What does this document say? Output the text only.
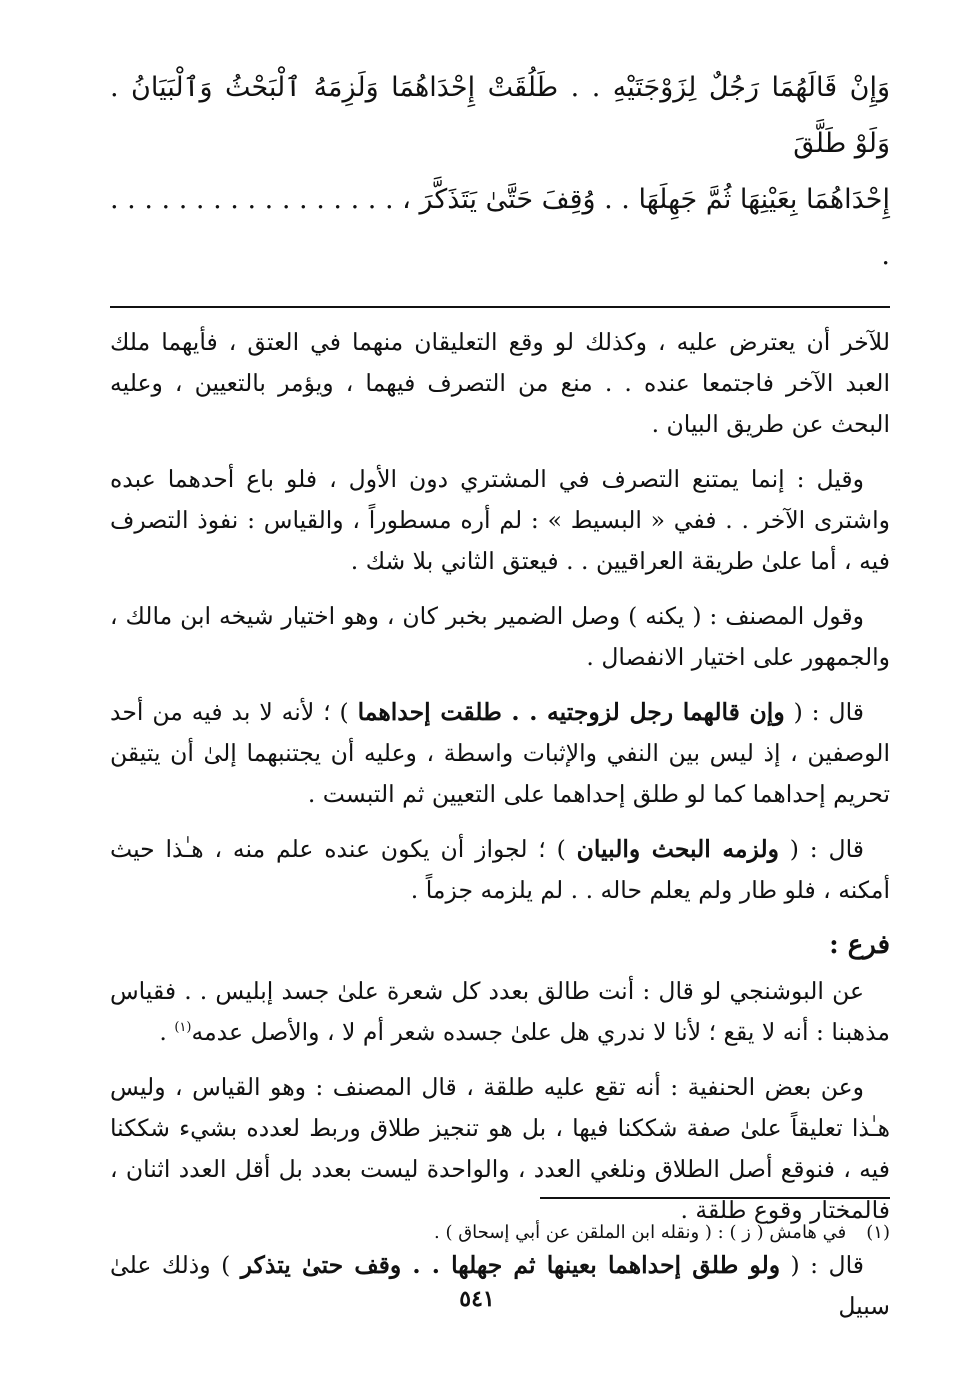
وَإِنْ قَالَهُمَا رَجُلٌ لِزَوْجَتَيْهِ . . طَلُقَتْ إِحْدَاهُمَا وَلَزِمَهُ ٱلْبَحْثُ وَٱلْبَيَانُ . وَلَوْ طَلَّقَ
إِحْدَاهُمَا بِعَيْنِهَا ثُمَّ جَهِلَهَا . . وُقِفَ حَتَّىٰ يَتَذَكَّرَ ، . . . . . . . . . . . . . . . . . .

للآخر أن يعترض عليه ، وكذلك لو وقع التعليقان منهما في العتق ، فأيهما ملك العبد الآخر فاجتمعا عنده . . منع من التصرف فيهما ، ويؤمر بالتعيين ، وعليه البحث عن طريق البيان .

وقيل : إنما يمتنع التصرف في المشتري دون الأول ، فلو باع أحدهما عبده واشترى الآخر . . ففي « البسيط » : لم أره مسطوراً ، والقياس : نفوذ التصرف فيه ، أما علىٰ طريقة العراقيين . . فيعتق الثاني بلا شك .

وقول المصنف : ( يكنه ) وصل الضمير بخبر كان ، وهو اختيار شيخه ابن مالك ، والجمهور على اختيار الانفصال .

قال : ( وإن قالهما رجل لزوجتيه . . طلقت إحداهما ) ؛ لأنه لا بد فيه من أحد الوصفين ، إذ ليس بين النفي والإثبات واسطة ، وعليه أن يجتنبهما إلىٰ أن يتيقن تحريم إحداهما كما لو طلق إحداهما على التعيين ثم التبست .

قال : ( ولزمه البحث والبيان ) ؛ لجواز أن يكون عنده علم منه ، هـٰذا حيث أمكنه ، فلو طار ولم يعلم حاله . . لم يلزمه جزماً .

فرع :

عن البوشنجي لو قال : أنت طالق بعدد كل شعرة علىٰ جسد إبليس . . فقياس مذهبنا : أنه لا يقع ؛ لأنا لا ندري هل علىٰ جسده شعر أم لا ، والأصل عدمه$^{(١)}$ .

وعن بعض الحنفية : أنه تقع عليه طلقة ، قال المصنف : وهو القياس ، وليس هـٰذا تعليقاً علىٰ صفة شككنا فيها ، بل هو تنجيز طلاق وربط لعدده بشيء شككنا فيه ، فنوقع أصل الطلاق ونلغي العدد ، والواحدة ليست بعدد بل أقل العدد اثنان ، فالمختار وقوع طلقة .

قال : ( ولو طلق إحداهما بعينها ثم جهلها . . وقف حتىٰ يتذكر ) وذلك علىٰ سبيل

(١)في هامش ( ز ) : ( ونقله ابن الملقن عن أبي إسحاق ) .
٥٤١
